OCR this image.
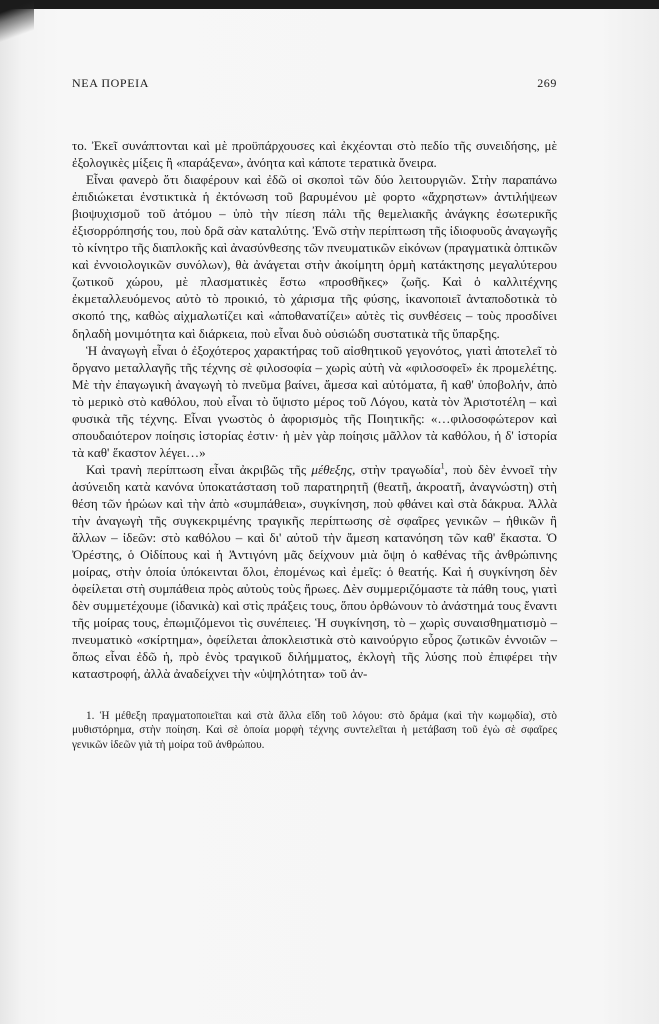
ΝΕΑ ΠΟΡΕΙΑ	269

το. Ἐκεῖ συνάπτονται καὶ μὲ προϋπάρχουσες καὶ ἐκχέονται στὸ πεδίο τῆς συνειδήσης, μὲ ἐξολογικὲς μίξεις ἢ «παράξενα», ἀνόητα καὶ κάποτε τερατικὰ ὄνειρα.

Εἶναι φανερὸ ὅτι διαφέρουν καὶ ἐδῶ οἱ σκοποὶ τῶν δύο λειτουργιῶν. Στὴν παραπάνω ἐπιδιώκεται ἐνστικτικὰ ἡ ἐκτόνωση τοῦ βαρυμένου μὲ φορτο «ἄχρηστων» ἀντιλήψεων βιοψυχισμοῦ τοῦ ἀτόμου – ὑπὸ τὴν πίεση πάλι τῆς θεμελιακῆς ἀνάγκης ἐσωτερικῆς ἐξισορρόπησής του, ποὺ δρᾶ σὰν καταλύτης. Ἐνῶ στὴν περίπτωση τῆς ἰδιοφυοῦς ἀναγωγῆς τὸ κίνητρο τῆς διαπλοκῆς καὶ ἀνασύνθεσης τῶν πνευματικῶν εἰκόνων (πραγματικὰ ὀπτικῶν καὶ ἐννοιολογικῶν συνόλων), θὰ ἀνάγεται στὴν ἀκοίμητη ὁρμὴ κατάκτησης μεγαλύτερου ζωτικοῦ χώρου, μὲ πλασματικὲς ἔστω «προσθῆκες» ζωῆς. Καὶ ὁ καλλιτέχνης ἐκμεταλλευόμενος αὐτὸ τὸ προικιό, τὸ χάρισμα τῆς φύσης, ἱκανοποιεῖ ἀνταποδοτικὰ τὸ σκοπό της, καθὼς αἰχμαλωτίζει καὶ «ἀποθανατίζει» αὐτὲς τὶς συνθέσεις – τοὺς προσδίνει δηλαδὴ μονιμότητα καὶ διάρκεια, ποὺ εἶναι δυὸ οὐσιώδη συστατικὰ τῆς ὕπαρξης.

Ἡ ἀναγωγὴ εἶναι ὁ ἐξοχότερος χαρακτήρας τοῦ αἰσθητικοῦ γεγονότος, γιατὶ ἀποτελεῖ τὸ ὄργανο μεταλλαγῆς τῆς τέχνης σὲ φιλοσοφία – χωρὶς αὐτὴ νὰ «φιλοσοφεῖ» ἐκ προμελέτης. Μὲ τὴν ἐπαγωγικὴ ἀναγωγὴ τὸ πνεῦμα βαίνει, ἄμεσα καὶ αὐτόματα, ἢ καθ' ὑποβολήν, ἀπὸ τὸ μερικὸ στὸ καθόλου, ποὺ εἶναι τὸ ὕψιστο μέρος τοῦ Λόγου, κατὰ τὸν Ἀριστοτέλη – καὶ φυσικὰ τῆς τέχνης. Εἶναι γνωστὸς ὁ ἀφορισμὸς τῆς Ποιητικῆς: «…φιλοσοφώτερον καὶ σπουδαιότερον ποίησις ἱστορίας ἐστιν· ἡ μὲν γὰρ ποίησις μᾶλλον τὰ καθόλου, ἡ δ' ἱστορία τὰ καθ' ἕκαστον λέγει…»

Καὶ τρανὴ περίπτωση εἶναι ἀκριβῶς τῆς μέθεξης, στὴν τραγωδία$^1$, ποὺ δὲν ἐννοεῖ τὴν ἀσύνειδη κατὰ κανόνα ὑποκατάσταση τοῦ παρατηρητῆ (θεατῆ, ἀκροατῆ, ἀναγνώστη) στὴ θέση τῶν ἡρώων καὶ τὴν ἀπὸ «συμπάθεια», συγκίνηση, ποὺ φθάνει καὶ στὰ δάκρυα. Ἀλλὰ τὴν ἀναγωγὴ τῆς συγκεκριμένης τραγικῆς περίπτωσης σὲ σφαῖρες γενικῶν – ἠθικῶν ἢ ἄλλων – ἰδεῶν: στὸ καθόλου – καὶ δι' αὐτοῦ τὴν ἄμεση κατανόηση τῶν καθ' ἕκαστα. Ὁ Ὀρέστης, ὁ Οἰδίπους καὶ ἡ Ἀντιγόνη μᾶς δείχνουν μιὰ ὄψη ὁ καθένας τῆς ἀνθρώπινης μοίρας, στὴν ὁποία ὑπόκεινται ὅλοι, ἐπομένως καὶ ἐμεῖς: ὁ θεατής. Καὶ ἡ συγκίνηση δὲν ὀφείλεται στὴ συμπάθεια πρὸς αὐτοὺς τοὺς ἥρωες. Δὲν συμμεριζόμαστε τὰ πάθη τους, γιατὶ δὲν συμμετέχουμε (ἰδανικὰ) καὶ στὶς πράξεις τους, ὅπου ὁρθώνουν τὸ ἀνάστημά τους ἔναντι τῆς μοίρας τους, ἐπωμιζόμενοι τὶς συνέπειες. Ἡ συγκίνηση, τὸ – χωρὶς συναισθηματισμὸ – πνευματικὸ «σκίρτημα», ὀφείλεται ἀποκλειστικὰ στὸ καινούργιο εὖρος ζωτικῶν ἐννοιῶν – ὅπως εἶναι ἐδῶ ἡ, πρὸ ἑνὸς τραγικοῦ διλήμματος, ἐκλογὴ τῆς λύσης ποὺ ἐπιφέρει τὴν καταστροφή, ἀλλὰ ἀναδείχνει τὴν «ὑψηλότητα» τοῦ ἀν-

1. Ἡ μέθεξη πραγματοποιεῖται καὶ στὰ ἄλλα εἴδη τοῦ λόγου: στὸ δράμα (καὶ τὴν κωμῳδία), στὸ μυθιστόρημα, στὴν ποίηση. Καὶ σὲ ὁποία μορφὴ τέχνης συντελεῖται ἡ μετάβαση τοῦ ἐγὼ σὲ σφαῖρες γενικῶν ἰδεῶν γιὰ τὴ μοίρα τοῦ ἀνθρώπου.
